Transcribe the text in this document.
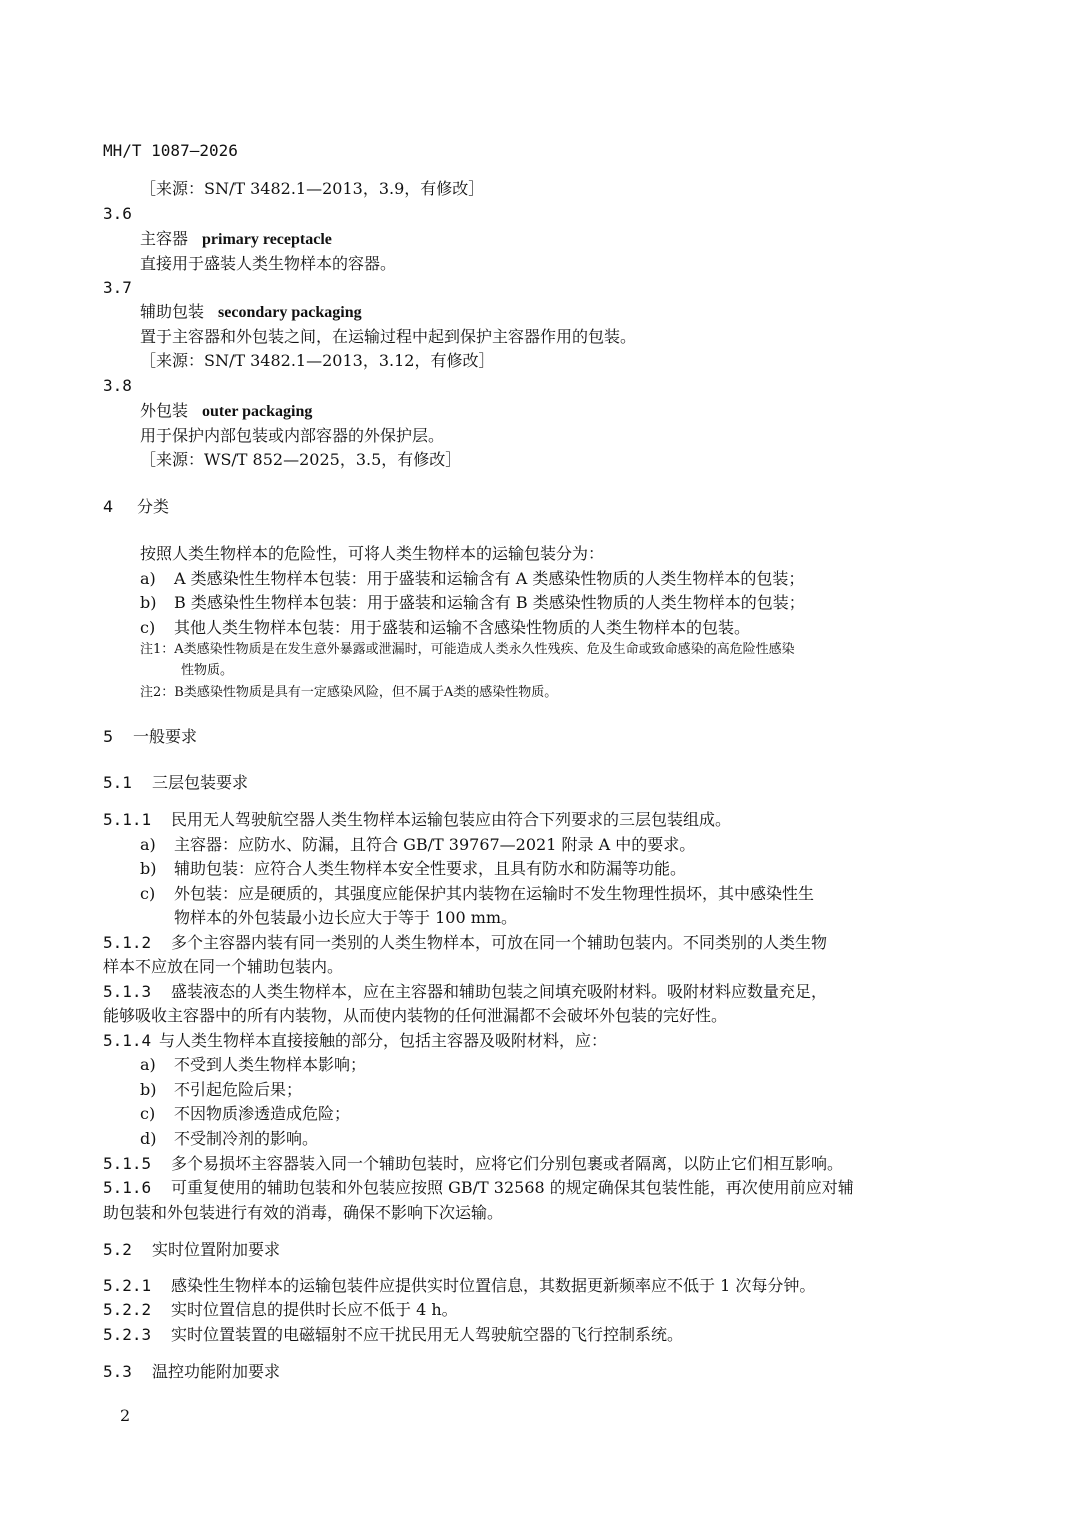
MH/T 1087—2026
［来源：SN/T 3482.1—2013，3.9，有修改］
3.6
主容器 primary receptacle
直接用于盛装人类生物样本的容器。
3.7
辅助包装 secondary packaging
置于主容器和外包装之间，在运输过程中起到保护主容器作用的包装。
［来源：SN/T 3482.1—2013，3.12，有修改］
3.8
外包装 outer packaging
用于保护内部包装或内部容器的外保护层。
［来源：WS/T 852—2025，3.5，有修改］
4 分类
按照人类生物样本的危险性，可将人类生物样本的运输包装分为：
a) A 类感染性生物样本包装：用于盛装和运输含有 A 类感染性物质的人类生物样本的包装；
b) B 类感染性生物样本包装：用于盛装和运输含有 B 类感染性物质的人类生物样本的包装；
c) 其他人类生物样本包装：用于盛装和运输不含感染性物质的人类生物样本的包装。
注1：A类感染性物质是在发生意外暴露或泄漏时，可能造成人类永久性残疾、危及生命或致命感染的高危险性感染
性物质。
注2：B类感染性物质是具有一定感染风险，但不属于A类的感染性物质。
5 一般要求
5.1 三层包装要求
5.1.1 民用无人驾驶航空器人类生物样本运输包装应由符合下列要求的三层包装组成。
a) 主容器：应防水、防漏，且符合 GB/T 39767—2021 附录 A 中的要求。
b) 辅助包装：应符合人类生物样本安全性要求，且具有防水和防漏等功能。
c) 外包装：应是硬质的，其强度应能保护其内装物在运输时不发生物理性损坏，其中感染性生
物样本的外包装最小边长应大于等于 100 mm。
5.1.2 多个主容器内装有同一类别的人类生物样本，可放在同一个辅助包装内。不同类别的人类生物
样本不应放在同一个辅助包装内。
5.1.3 盛装液态的人类生物样本，应在主容器和辅助包装之间填充吸附材料。吸附材料应数量充足，
能够吸收主容器中的所有内装物，从而使内装物的任何泄漏都不会破坏外包装的完好性。
5.1.4 与人类生物样本直接接触的部分，包括主容器及吸附材料，应：
a) 不受到人类生物样本影响；
b) 不引起危险后果；
c) 不因物质渗透造成危险；
d) 不受制冷剂的影响。
5.1.5 多个易损坏主容器装入同一个辅助包装时，应将它们分别包裹或者隔离，以防止它们相互影响。
5.1.6 可重复使用的辅助包装和外包装应按照 GB/T 32568 的规定确保其包装性能，再次使用前应对辅
助包装和外包装进行有效的消毒，确保不影响下次运输。
5.2 实时位置附加要求
5.2.1 感染性生物样本的运输包装件应提供实时位置信息，其数据更新频率应不低于 1 次每分钟。
5.2.2 实时位置信息的提供时长应不低于 4 h。
5.2.3 实时位置装置的电磁辐射不应干扰民用无人驾驶航空器的飞行控制系统。
5.3 温控功能附加要求
2
